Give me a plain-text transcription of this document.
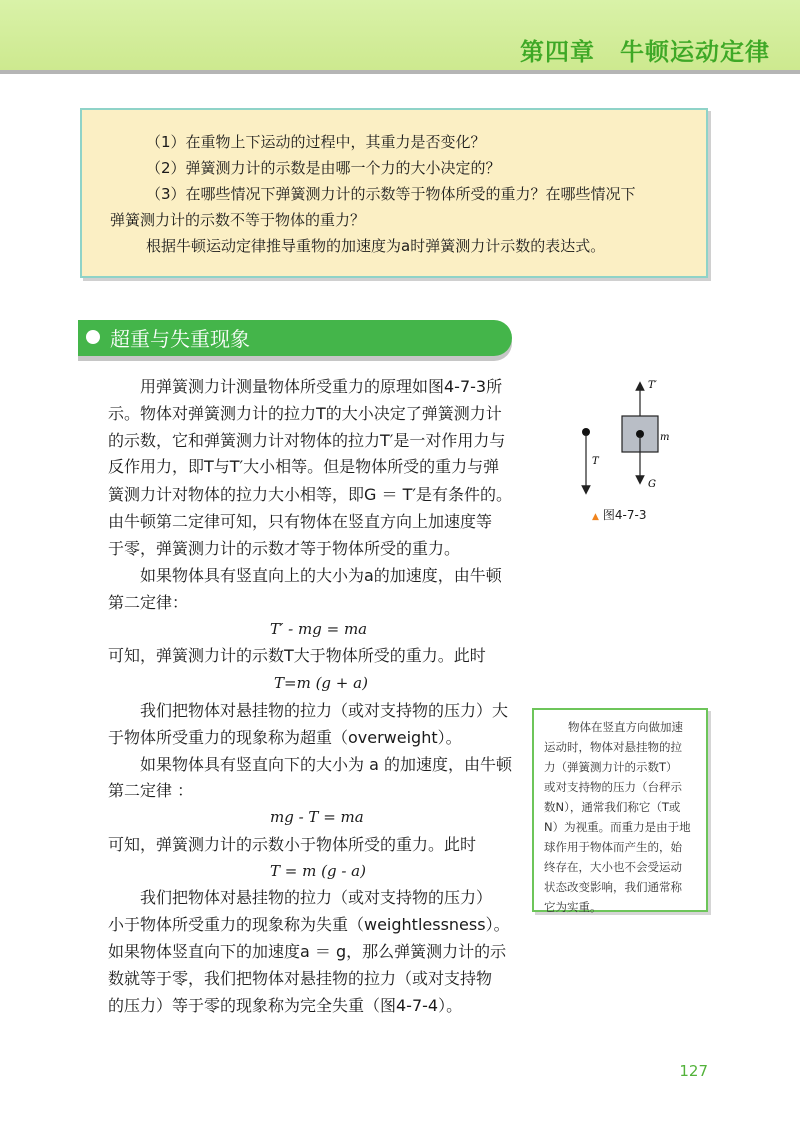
第四章　牛顿运动定律
（1）在重物上下运动的过程中，其重力是否变化？
（2）弹簧测力计的示数是由哪一个力的大小决定的？
（3）在哪些情况下弹簧测力计的示数等于物体所受的重力？在哪些情况下
弹簧测力计的示数不等于物体的重力？
根据牛顿运动定律推导重物的加速度为a时弹簧测力计示数的表达式。
超重与失重现象
用弹簧测力计测量物体所受重力的原理如图4-7-3所
示。物体对弹簧测力计的拉力T的大小决定了弹簧测力计
的示数，它和弹簧测力计对物体的拉力T′是一对作用力与
反作用力，即T与T′大小相等。但是物体所受的重力与弹
簧测力计对物体的拉力大小相等，即G ＝ T′是有条件的。
由牛顿第二定律可知，只有物体在竖直方向上加速度等
于零，弹簧测力计的示数才等于物体所受的重力。
如果物体具有竖直向上的大小为a的加速度，由牛顿
第二定律：
T′ - mg = ma
可知，弹簧测力计的示数T大于物体所受的重力。此时
T=m (g + a)
我们把物体对悬挂物的拉力（或对支持物的压力）大
于物体所受重力的现象称为超重（overweight）。
如果物体具有竖直向下的大小为 a 的加速度，由牛顿
第二定律 ：
mg - T = ma
可知，弹簧测力计的示数小于物体所受的重力。此时
T = m (g - a)
我们把物体对悬挂物的拉力（或对支持物的压力）
小于物体所受重力的现象称为失重（weightlessness）。
如果物体竖直向下的加速度a ＝ g，那么弹簧测力计的示
数就等于零，我们把物体对悬挂物的拉力（或对支持物
的压力）等于零的现象称为完全失重（图4-7-4）。
T′
m
T
G
▲ 图4-7-3
物体在竖直方向做加速
运动时，物体对悬挂物的拉
力（弹簧测力计的示数T）
或对支持物的压力（台秤示
数N），通常我们称它（T或
N）为视重。而重力是由于地
球作用于物体而产生的，始
终存在，大小也不会受运动
状态改变影响，我们通常称
它为实重。
127
